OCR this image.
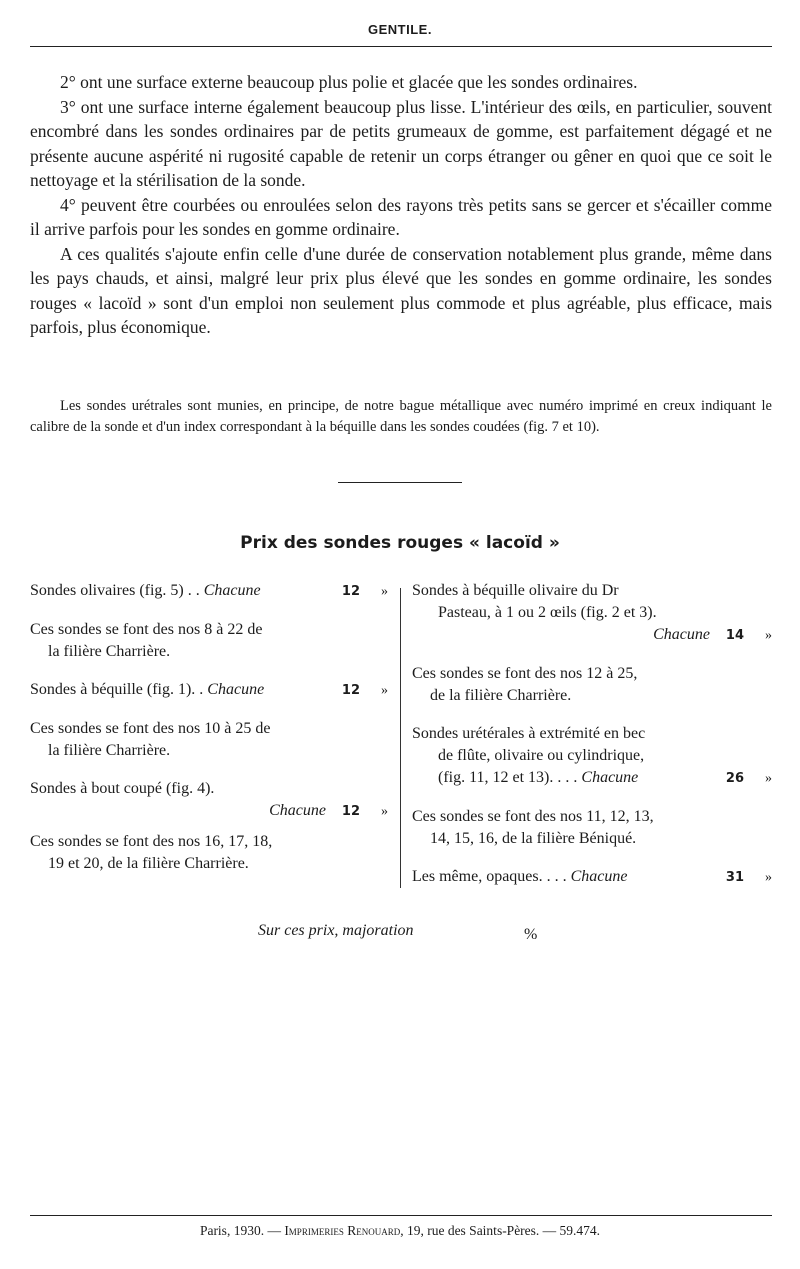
GENTILE.

2° ont une surface externe beaucoup plus polie et glacée que les sondes ordinaires.

3° ont une surface interne également beaucoup plus lisse. L'intérieur des œils, en particulier, souvent encombré dans les sondes ordinaires par de petits grumeaux de gomme, est parfaitement dégagé et ne présente aucune aspérité ni rugosité capable de retenir un corps étranger ou gêner en quoi que ce soit le nettoyage et la stérilisation de la sonde.

4° peuvent être courbées ou enroulées selon des rayons très petits sans se gercer et s'écailler comme il arrive parfois pour les sondes en gomme ordinaire.

A ces qualités s'ajoute enfin celle d'une durée de conservation notablement plus grande, même dans les pays chauds, et ainsi, malgré leur prix plus élevé que les sondes en gomme ordinaire, les sondes rouges « lacoïd » sont d'un emploi non seulement plus commode et plus agréable, plus efficace, mais parfois, plus économique.

Les sondes urétrales sont munies, en principe, de notre bague métallique avec numéro imprimé en creux indiquant le calibre de la sonde et d'un index correspondant à la béquille dans les sondes coudées (fig. 7 et 10).
Prix des sondes rouges « lacoïd »
Sondes olivaires (fig. 5) . . Chacune	12	»
Ces sondes se font des nos 8 à 22 de
la filière Charrière.
Sondes à béquille (fig. 1). . Chacune	12	»
Ces sondes se font des nos 10 à 25 de
la filière Charrière.
Sondes à bout coupé (fig. 4).
Chacune	12	»
Ces sondes se font des nos 16, 17, 18,
19 et 20, de la filière Charrière.
Sondes à béquille olivaire du Dr
Pasteau, à 1 ou 2 œils (fig. 2 et 3).
Chacune	14	»
Ces sondes se font des nos 12 à 25,
de la filière Charrière.
Sondes urétérales à extrémité en bec
de flûte, olivaire ou cylindrique,
(fig. 11, 12 et 13). . . . Chacune	26	»
Ces sondes se font des nos 11, 12, 13,
14, 15, 16, de la filière Béniqué.
Les même, opaques. . . . Chacune	31	»
Sur ces prix, majoration	%
Paris, 1930. — Imprimeries Renouard, 19, rue des Saints-Pères. — 59.474.
